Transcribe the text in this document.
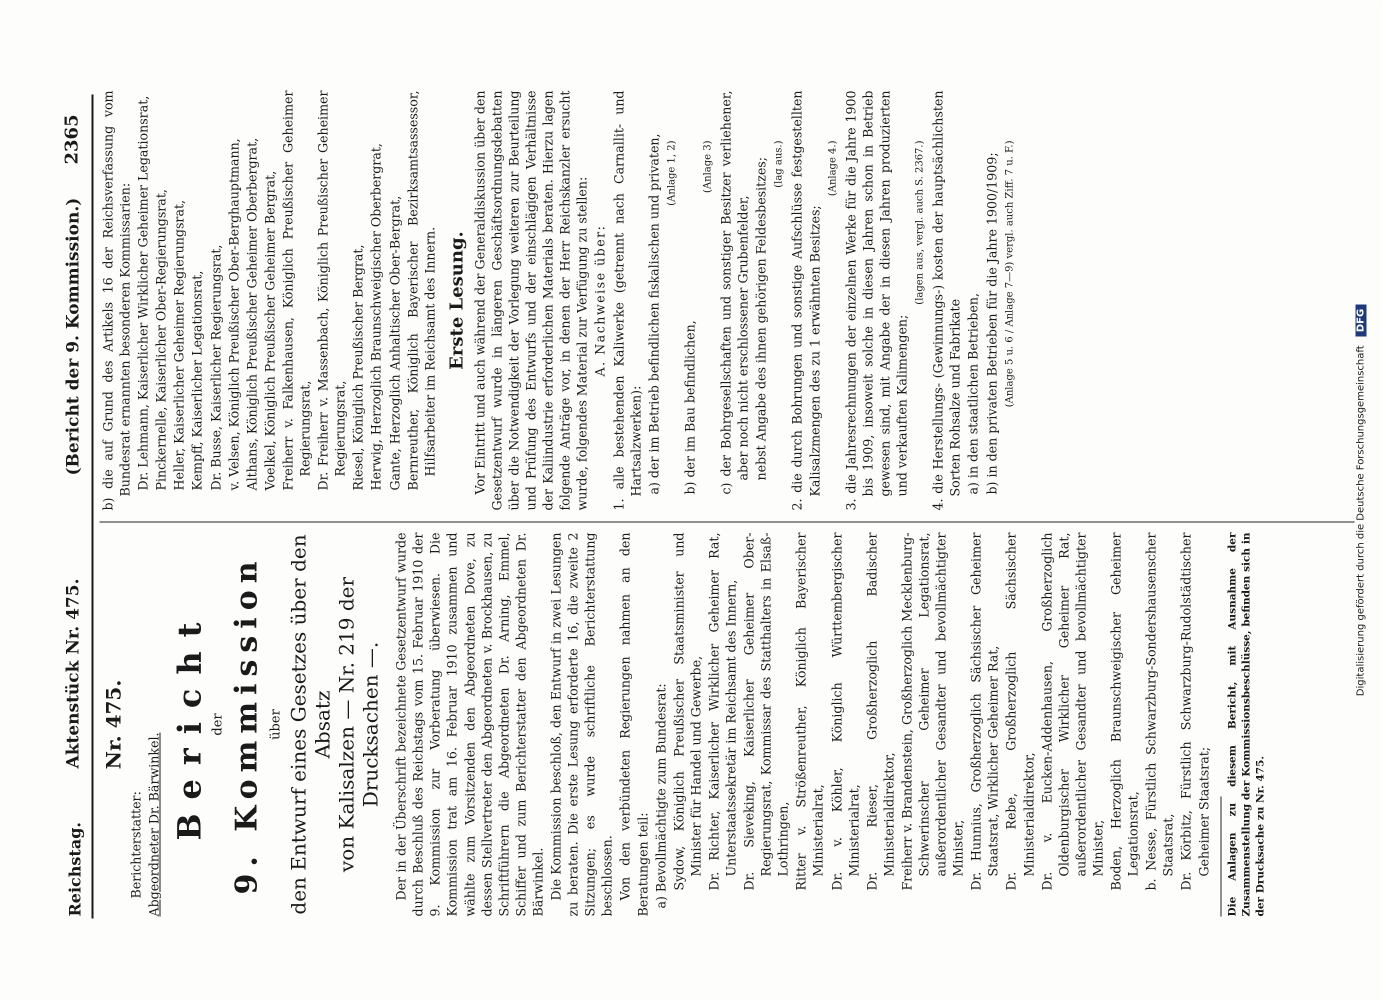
Reichstag.
Aktenstück Nr. 475.
(Bericht der 9. Kommission.)
2365
Nr. 475.
Berichterstatter: Abgeordneter Dr. Bärwinkel. Bericht der 9. Kommission über den Entwurf eines Gesetzes über den Absatz von Kalisalzen — Nr. 219 der Drucksachen —. Der in der Überschrift bezeichnete Gesetzentwurf wurde durch Beschluß des Reichstags vom 15. Februar 1910 der 9. Kommission zur Vorberatung überwiesen. Die Kommission trat am 16. Februar 1910 zusammen und wählte zum Vorsitzenden den Abgeordneten Dove, zu dessen Stellvertreter den Abgeordneten v. Brockhausen, zu Schriftführern die Abgeordneten Dr. Arning, Emmel, Schiffer und zum Berichterstatter den Abgeordneten Dr. Bärwinkel. Die Kommission beschloß, den Entwurf in zwei Lesungen zu beraten. Die erste Lesung erforderte 16, die zweite 2 Sitzungen; es wurde schriftliche Berichterstattung beschlossen. Von den verbündeten Regierungen nahmen an den Beratungen teil: a) Bevollmächtigte zum Bundesrat: Sydow, Königlich Preußischer Staatsminister und Minister für Handel und Gewerbe, Dr. Richter, Kaiserlicher Wirklicher Geheimer Rat, Unterstaatssekretär im Reichsamt des Innern, Dr. Sieveking, Kaiserlicher Geheimer Ober-Regierungsrat, Kommissar des Statthalters in Elsaß-Lothringen, Ritter v. Strößenreuther, Königlich Bayerischer Ministerialrat, Dr. v. Köhler, Königlich Württembergischer Ministerialrat, Dr. Rieser, Großherzoglich Badischer Ministerialdirektor, Freiherr v. Brandenstein, Großherzoglich Mecklenburg-Schwerinscher Geheimer Legationsrat, außerordentlicher Gesandter und bevollmächtigter Minister, Dr. Hunnius, Großherzoglich Sächsischer Geheimer Staatsrat, Wirklicher Geheimer Rat, Dr. Rebe, Großherzoglich Sächsischer Ministerialdirektor, Dr. v. Eucken-Addenhausen, Großherzoglich Oldenburgischer Wirklicher Geheimer Rat, außerordentlicher Gesandter und bevollmächtigter Minister, Boden, Herzoglich Braunschweigischer Geheimer Legationsrat, b. Nesse, Fürstlich Schwarzburg-Sondershausenscher Staatsrat, Dr. Körbitz, Fürstlich Schwarzburg-Rudolstädtischer Geheimer Staatsrat; Die Anlagen zu diesem Bericht, mit Ausnahme der Zusammenstellung der Kommissionsbeschlüsse, befinden sich in der Drucksache zu Nr. 475.
b) die auf Grund des Artikels 16 der Reichsverfassung vom Bundesrat ernannten besonderen Kommissarien: Dr. Lehmann, Kaiserlicher Wirklicher Geheimer Legationsrat, Pinckernelle, Kaiserlicher Ober-Regierungsrat, Heller, Kaiserlicher Geheimer Regierungsrat, Kempff, Kaiserlicher Legationsrat, Dr. Busse, Kaiserlicher Regierungsrat, v. Velsen, Königlich Preußischer Ober-Berghauptmann, Althans, Königlich Preußischer Geheimer Oberbergrat, Voelkel, Königlich Preußischer Geheimer Bergrat, Freiherr v. Falkenhausen, Königlich Preußischer Geheimer Regierungsrat, Dr. Freiherr v. Massenbach, Königlich Preußischer Geheimer Regierungsrat, Riesel, Königlich Preußischer Bergrat, Herwig, Herzoglich Braunschweigischer Oberbergrat, Gante, Herzoglich Anhaltischer Ober-Bergrat, Bernreuther, Königlich Bayerischer Bezirksamtsassessor, Hilfsarbeiter im Reichsamt des Innern. Erste Lesung. Vor Eintritt und auch während der Generaldiskussion über den Gesetzentwurf wurde in längeren Geschäftsordnungsdebatten über die Notwendigkeit der Vorlegung weiteren zur Beurteilung und Prüfung des Entwurfs und der einschlägigen Verhältnisse der Kaliindustrie erforderlichen Materials beraten. Hierzu lagen folgende Anträge vor, in denen der Herr Reichskanzler ersucht wurde, folgendes Material zur Verfügung zu stellen: A. Nachweise über: 1. alle bestehenden Kaliwerke (getrennt nach Carnallit- und Hartsalzwerken): a) der im Betrieb befindlichen fiskalischen und privaten, (Anlage 1, 2)
b) der im Bau befindlichen,
(Anlage 3) c) der Bohrgesellschaften und sonstiger Besitzer verliehener, aber noch nicht erschlossener Grubenfelder, nebst Angabe des ihnen gehörigen Feldesbesitzes; (lag aus.) 2. die durch Bohrungen und sonstige Aufschlüsse festgestellten Kalisalzmengen des zu 1 erwähnten Besitzes;
(Anlage 4.) 3. die Jahresrechnungen der einzelnen Werke für die Jahre 1900 bis 1909, insoweit solche in diesen Jahren schon in Betrieb gewesen sind, mit Angabe der in diesen Jahren produzierten und verkauften Kalimengen;
(lagen aus, vergl. auch S. 2367.) 4. die Herstellungs- (Gewinnungs-) kosten der hauptsächlichsten Sorten Rohsalze und Fabrikate a) in den staatlichen Betrieben, b) in den privaten Betrieben für die Jahre 1900/1909; (Anlage 5 u. 6 / Anlage 7—9) vergl. auch Ziff. 7 u. F.)
Digitalisierung gefördert durch die Deutsche Forschungsgemeinschaft DFG
